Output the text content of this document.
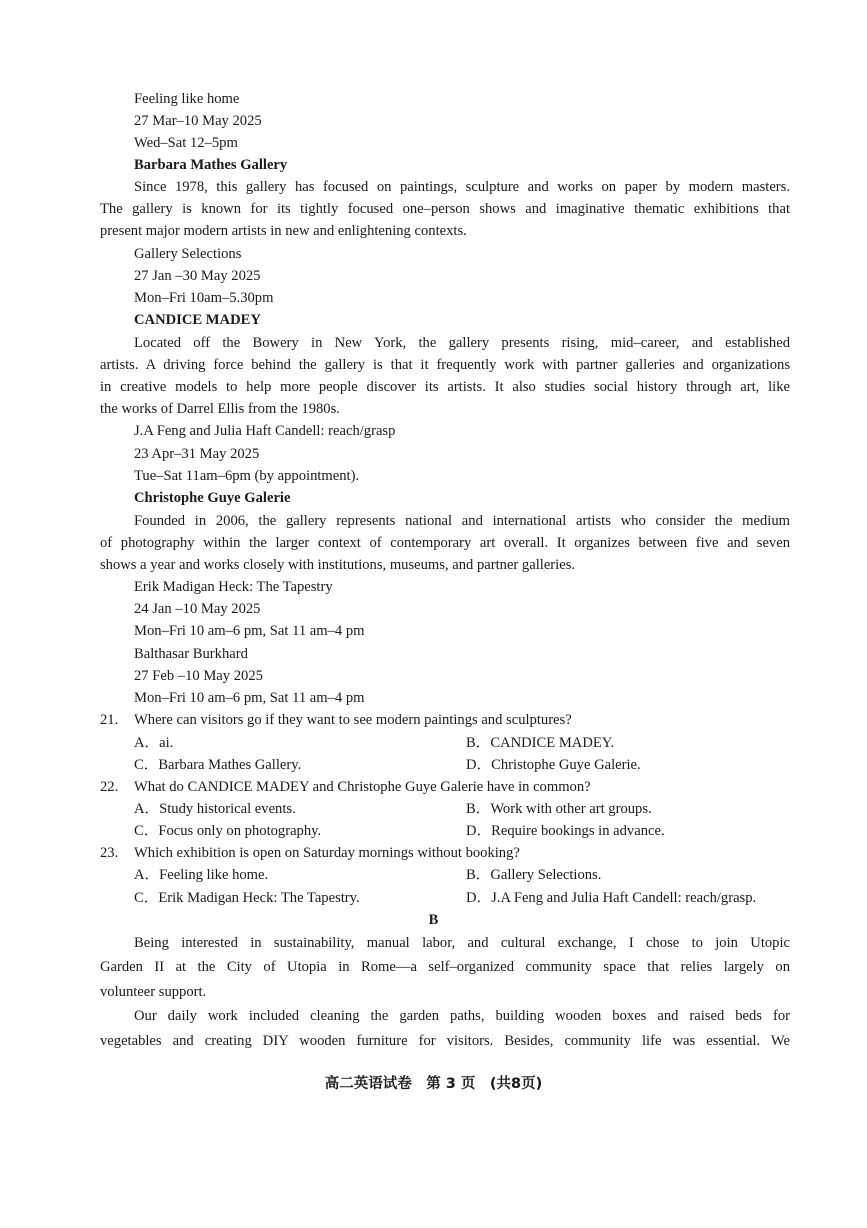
Feeling like home
27 Mar–10 May 2025
Wed–Sat 12–5pm
Barbara Mathes Gallery
Since 1978, this gallery has focused on paintings, sculpture and works on paper by modern masters.
The gallery is known for its tightly focused one–person shows and imaginative thematic exhibitions that
present major modern artists in new and enlightening contexts.
Gallery Selections
27 Jan –30 May 2025
Mon–Fri 10am–5.30pm
CANDICE MADEY
Located off the Bowery in New York, the gallery presents rising, mid–career, and established
artists. A driving force behind the gallery is that it frequently work with partner galleries and organizations
in creative models to help more people discover its artists. It also studies social history through art, like
the works of Darrel Ellis from the 1980s.
J.A Feng and Julia Haft Candell: reach/grasp
23 Apr–31 May 2025
Tue–Sat 11am–6pm (by appointment).
Christophe Guye Galerie
Founded in 2006, the gallery represents national and international artists who consider the medium
of photography within the larger context of contemporary art overall. It organizes between five and seven
shows a year and works closely with institutions, museums, and partner galleries.
Erik Madigan Heck: The Tapestry
24 Jan –10 May 2025
Mon–Fri 10 am–6 pm, Sat 11 am–4 pm
Balthasar Burkhard
27 Feb –10 May 2025
Mon–Fri 10 am–6 pm, Sat 11 am–4 pm
21. Where can visitors go if they want to see modern paintings and sculptures?
A．ai.	B．CANDICE MADEY.
C．Barbara Mathes Gallery.	D．Christophe Guye Galerie.
22. What do CANDICE MADEY and Christophe Guye Galerie have in common?
A．Study historical events.	B．Work with other art groups.
C．Focus only on photography.	D．Require bookings in advance.
23. Which exhibition is open on Saturday mornings without booking?
A．Feeling like home.	B．Gallery Selections.
C．Erik Madigan Heck: The Tapestry.	D．J.A Feng and Julia Haft Candell: reach/grasp.
B
Being interested in sustainability, manual labor, and cultural exchange, I chose to join Utopic
Garden II at the City of Utopia in Rome—a self–organized community space that relies largely on
volunteer support.
Our daily work included cleaning the garden paths, building wooden boxes and raised beds for
vegetables and creating DIY wooden furniture for visitors. Besides, community life was essential. We
高二英语试卷　第 3 页　(共8页)
